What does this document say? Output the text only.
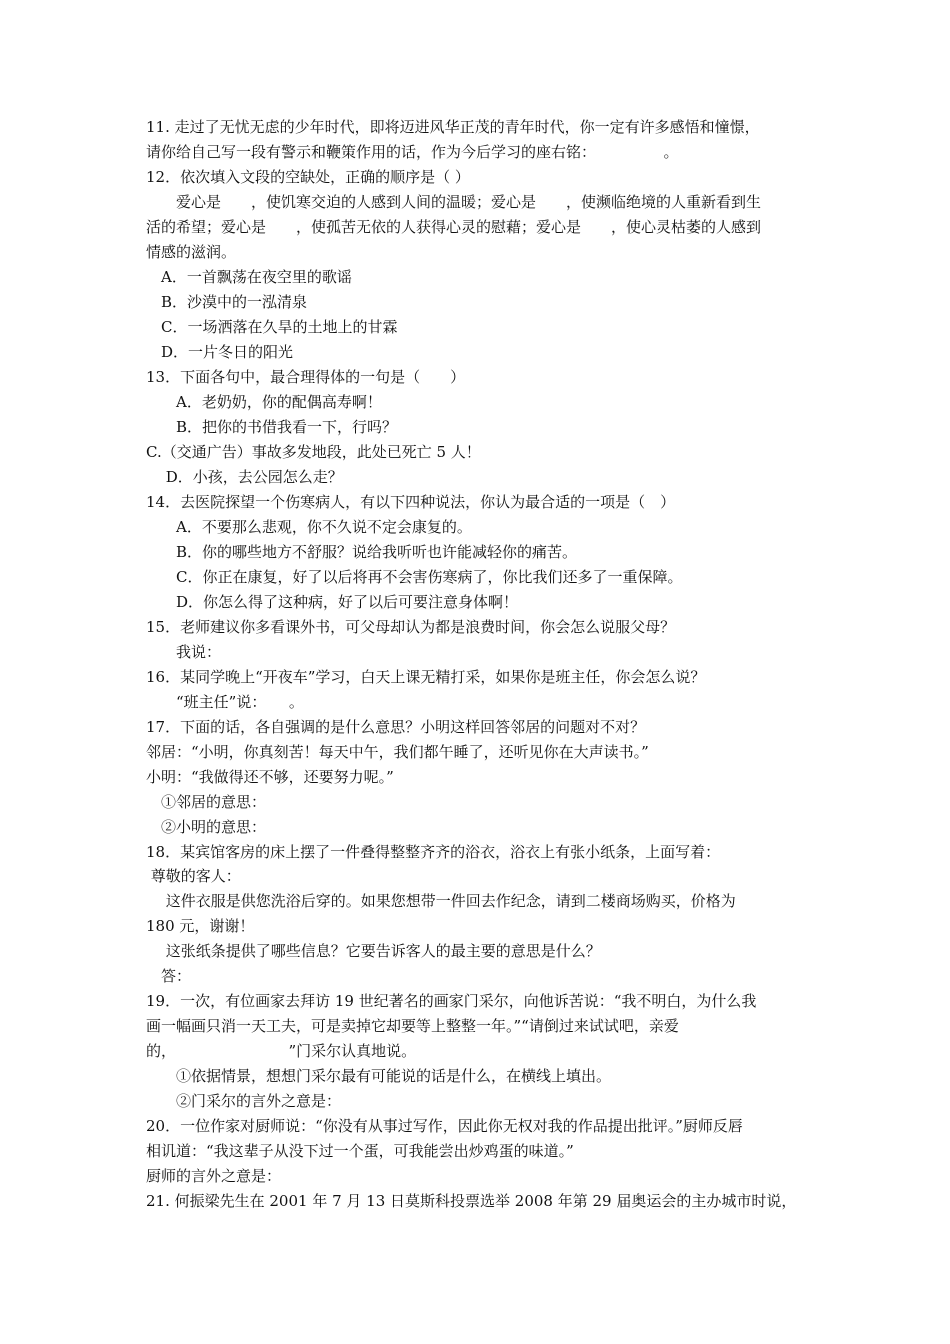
11. 走过了无忧无虑的少年时代，即将迈进风华正茂的青年时代，你一定有许多感悟和憧憬，
请你给自己写一段有警示和鞭策作用的话，作为今后学习的座右铭：　　　　　。
12．依次填入文段的空缺处，正确的顺序是（ ）
　　爱心是　　，使饥寒交迫的人感到人间的温暖；爱心是　　，使濒临绝境的人重新看到生
活的希望；爱心是　　，使孤苦无依的人获得心灵的慰藉；爱心是　　，使心灵枯萎的人感到
情感的滋润。
　A．一首飘荡在夜空里的歌谣
　B．沙漠中的一泓清泉
　C．一场洒落在久旱的土地上的甘霖
　D．一片冬日的阳光
13．下面各句中，最合理得体的一句是（　　）
　　A．老奶奶，你的配偶高寿啊！
　　B．把你的书借我看一下，行吗？
C.（交通广告）事故多发地段，此处已死亡 5 人！
　 D．小孩，去公园怎么走？
14．去医院探望一个伤寒病人，有以下四种说法，你认为最合适的一项是（　）
　　A．不要那么悲观，你不久说不定会康复的。
　　B．你的哪些地方不舒服？说给我听听也许能减轻你的痛苦。
　　C．你正在康复，好了以后将再不会害伤寒病了，你比我们还多了一重保障。
　　D．你怎么得了这种病，好了以后可要注意身体啊！
15．老师建议你多看课外书，可父母却认为都是浪费时间，你会怎么说服父母？
　　我说：
16．某同学晚上“开夜车”学习，白天上课无精打采，如果你是班主任，你会怎么说？
　　“班主任”说：　　。
17．下面的话，各自强调的是什么意思？小明这样回答邻居的问题对不对？
邻居：“小明，你真刻苦！每天中午，我们都午睡了，还听见你在大声读书。”
小明：“我做得还不够，还要努力呢。”
　①邻居的意思：
　②小明的意思：
18．某宾馆客房的床上摆了一件叠得整整齐齐的浴衣，浴衣上有张小纸条，上面写着：
尊敬的客人：
　 这件衣服是供您洗浴后穿的。如果您想带一件回去作纪念，请到二楼商场购买，价格为
180 元，谢谢！
　 这张纸条提供了哪些信息？它要告诉客人的最主要的意思是什么？
　答：
19．一次，有位画家去拜访 19 世纪著名的画家门采尔，向他诉苦说：“我不明白，为什么我
画一幅画只消一天工夫，可是卖掉它却要等上整整一年。”“请倒过来试试吧，亲爱
的，　　　　　　　　”门采尔认真地说。
　　①依据情景，想想门采尔最有可能说的话是什么，在横线上填出。
　　②门采尔的言外之意是：
20．一位作家对厨师说：“你没有从事过写作，因此你无权对我的作品提出批评。”厨师反唇
相讥道：“我这辈子从没下过一个蛋，可我能尝出炒鸡蛋的味道。”
厨师的言外之意是：
21. 何振梁先生在 2001 年 7 月 13 日莫斯科投票选举 2008 年第 29 届奥运会的主办城市时说，
